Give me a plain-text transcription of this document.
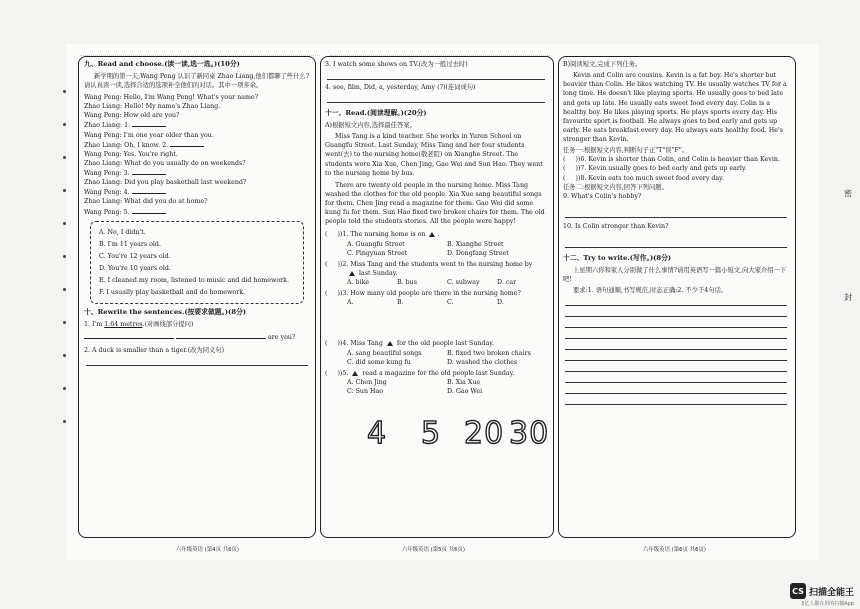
九、Read and choose.(读一读,选一选。)(10分)
新学期的第一天,Wang Peng 认识了新同桌 Zhao Liang,他们都聊了些什么?请认真读一读,选择合适的选项补全他们的对话。其中一项多余。
Wang Peng: Hello, I'm Wang Peng! What's your name?
Zhao Liang: Hello! My name's Zhao Liang.
Wang Peng: How old are you?
Zhao Liang: 1.
Wang Peng: I'm one year older than you.
Zhao Liang: Oh, I know. 2.
Wang Peng: Yes. You're right.
Zhao Liang: What do you usually do on weekends?
Wang Peng: 3.
Zhao Liang: Did you play basketball last weekend?
Wang Peng: 4.
Zhao Liang: What did you do at home?
Wang Peng: 5.
A. No, I didn't.
B. I'm 11 years old.
C. You're 12 years old.
D. You're 10 years old.
E. I cleaned my room, listened to music and did homework.
F. I usually play basketball and do homework.
十、Rewrite the sentences.(按要求做题。)(8分)
1. I'm 1.64 metres.(对画线部分提问)
are you?
2. A duck is smaller than a tiger.(改为同义句)
3. I watch some shows on TV.(改为一般过去时)
4. see, film, Did, a, yesterday, Amy (?)(连词成句)
十一、Read.(阅读理解。)(20分)
A)根据短文内容,选择最佳答案。
Miss Tang is a kind teacher. She works in Yuren School on Guangfu Street. Last Sunday, Miss Tang and her four students went(去) to the nursing home(敬老院) on Xianghe Street. The students were Xia Xue, Chen Jing, Gao Wei and Sun Hao. They went to the nursing home by bus.
There are twenty old people in the nursing home. Miss Tang washed the clothes for the old people. Xia Xue sang beautiful songs for them. Chen Jing read a magazine for them. Gao Wei did some kung fu for them. Sun Hao fixed two broken chairs for them. The old people told the students stories. All the people were happy!
(     ))1. The nursing home is on .
A. Guangfu Street	B. Xianghe Street
C. Pingyuan Street	D. Dongfang Street
(     ))2. Miss Tang and the students went to the nursing home by
last Sunday.
A. bike	B. bus	C. subway	D. car
(     ))3. How many old people are there in the nursing home?
A.	B.	C.	D.
(     ))4. Miss Tang for the old people last Sunday.
A. sang beautiful songs	B. fixed two broken chairs
C. did some kung fu	D. washed the clothes
(     ))5. read a magazine for the old people last Sunday.
A. Chen Jing	B. Xia Xue
C. Sun Hao	D. Gao Wei
4 5 20 30
B)阅读短文,完成下列任务。
Kevin and Colin are cousins. Kevin is a fat boy. He's shorter but heavier than Colin. He likes watching TV. He usually watches TV for a long time. He doesn't like playing sports. He usually goes to bed late and gets up late. He usually eats sweet food every day. Colin is a healthy boy. He likes playing sports. He plays sports every day. His favourite sport is football. He always goes to bed early and gets up early. He eats breakfast every day. He always eats healthy food. He's stronger than Kevin.
任务一:根据短文内容,判断句子正"T"误"F"。
(     ))6. Kevin is shorter than Colin, and Colin is heavier than Kevin.
(     ))7. Kevin usually goes to bed early and gets up early.
(     ))8. Kevin eats too much sweet food every day.
任务二:根据短文内容,回答下列问题。
9. What's Colin's hobby?
10. Is Colin stronger than Kevin?
十二、Try to write.(写作。)(8分)
上星期六你和家人分别做了什么事情?请用英语写一篇小短文,向大家介绍一下吧!
要求:1. 语句通顺,书写规范,时态正确;2. 不少于4句话。
密
封
六年级英语 (第4页 共6页)	六年级英语 (第5页 共6页)	六年级英语 (第6页 共6页)
CS 扫描全能王
3亿人都在用的扫描App
